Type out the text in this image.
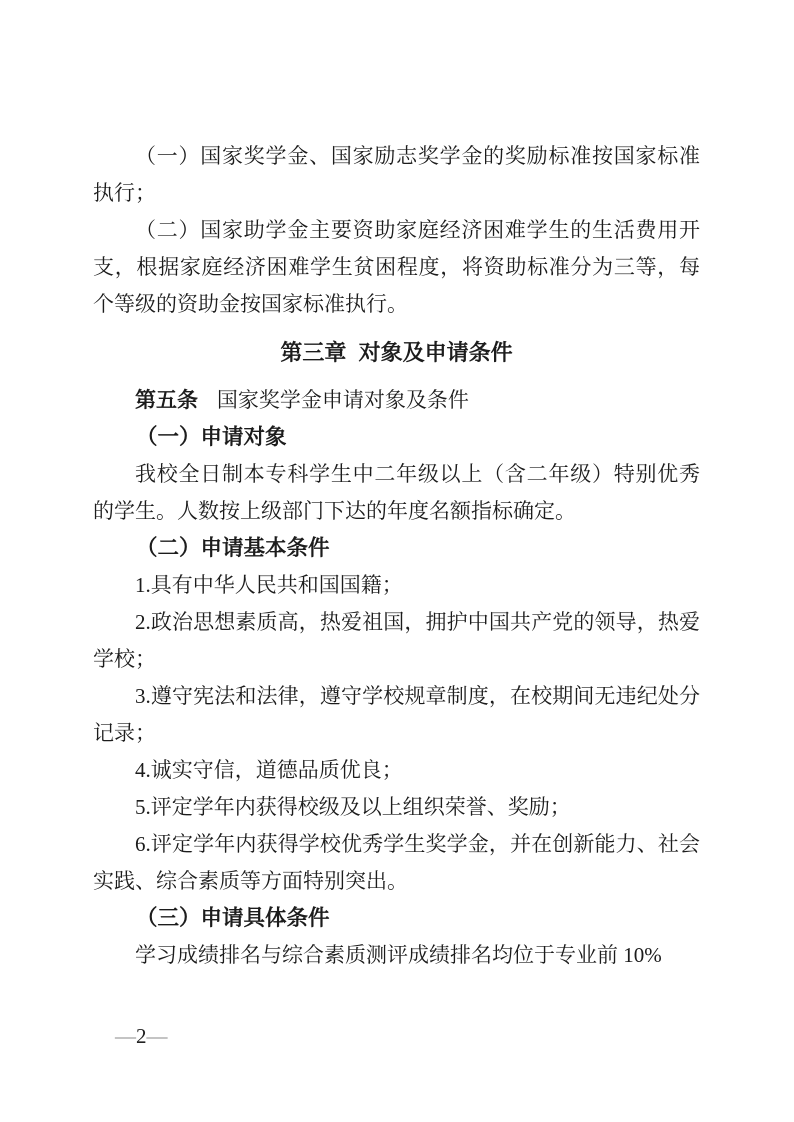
（一）国家奖学金、国家励志奖学金的奖励标准按国家标准执行；

（二）国家助学金主要资助家庭经济困难学生的生活费用开支，根据家庭经济困难学生贫困程度，将资助标准分为三等，每个等级的资助金按国家标准执行。

第三章  对象及申请条件

第五条 国家奖学金申请对象及条件

（一）申请对象

我校全日制本专科学生中二年级以上（含二年级）特别优秀的学生。人数按上级部门下达的年度名额指标确定。

（二）申请基本条件

1.具有中华人民共和国国籍；

2.政治思想素质高，热爱祖国，拥护中国共产党的领导，热爱学校；

3.遵守宪法和法律，遵守学校规章制度，在校期间无违纪处分记录；

4.诚实守信，道德品质优良；

5.评定学年内获得校级及以上组织荣誉、奖励；

6.评定学年内获得学校优秀学生奖学金，并在创新能力、社会实践、综合素质等方面特别突出。

（三）申请具体条件

学习成绩排名与综合素质测评成绩排名均位于专业前 10%

—2—
